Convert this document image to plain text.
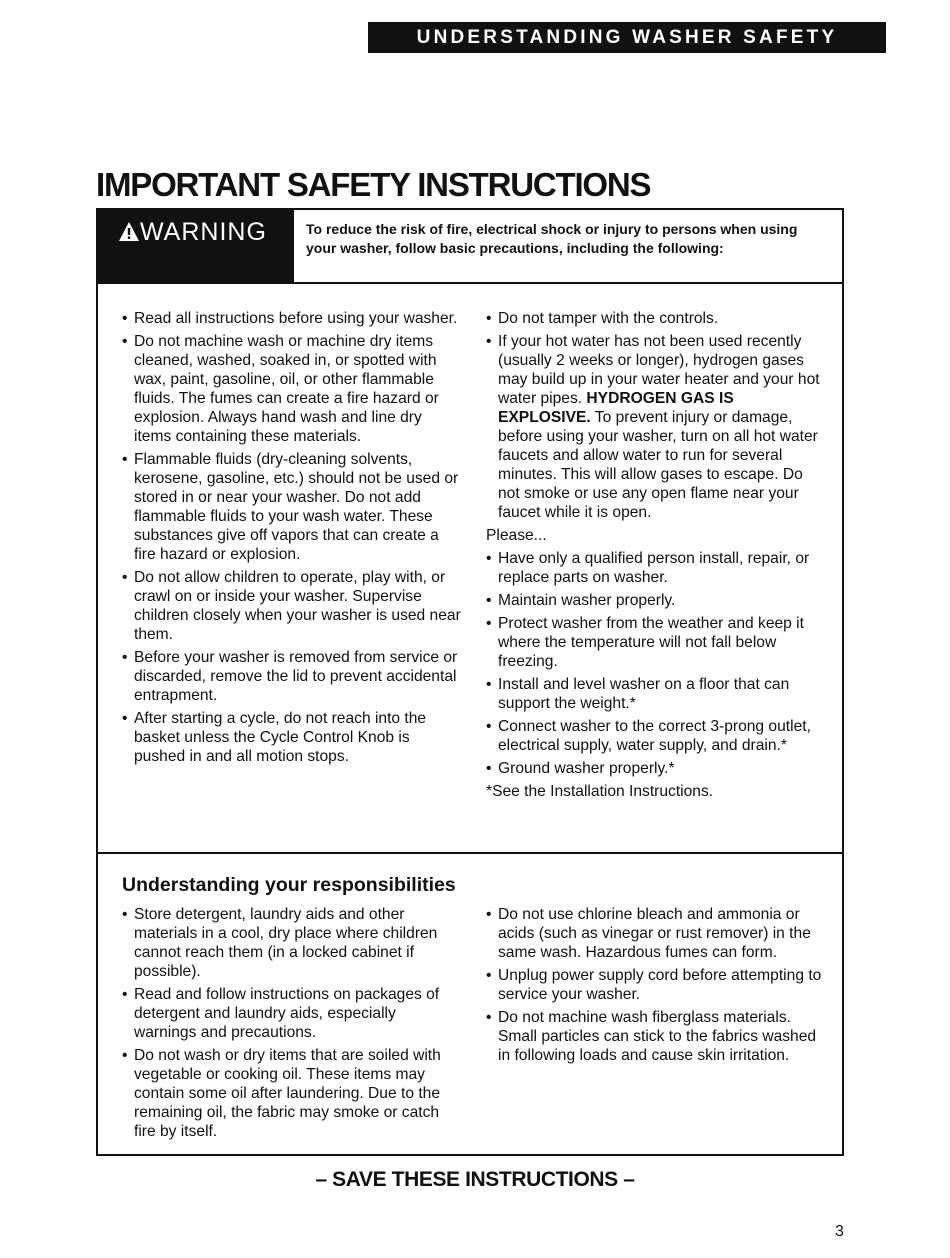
UNDERSTANDING WASHER SAFETY
IMPORTANT SAFETY INSTRUCTIONS
WARNING	To reduce the risk of fire, electrical shock or injury to persons when using your washer, follow basic precautions, including the following:
• Read all instructions before using your washer.
• Do not machine wash or machine dry items cleaned, washed, soaked in, or spotted with wax, paint, gasoline, oil, or other flammable fluids. The fumes can create a fire hazard or explosion. Always hand wash and line dry items containing these materials.
• Flammable fluids (dry-cleaning solvents, kerosene, gasoline, etc.) should not be used or stored in or near your washer. Do not add flammable fluids to your wash water. These substances give off vapors that can create a fire hazard or explosion.
• Do not allow children to operate, play with, or crawl on or inside your washer. Supervise children closely when your washer is used near them.
• Before your washer is removed from service or discarded, remove the lid to prevent accidental entrapment.
• After starting a cycle, do not reach into the basket unless the Cycle Control Knob is pushed in and all motion stops.
• Do not tamper with the controls.
• If your hot water has not been used recently (usually 2 weeks or longer), hydrogen gases may build up in your water heater and your hot water pipes. HYDROGEN GAS IS EXPLOSIVE. To prevent injury or damage, before using your washer, turn on all hot water faucets and allow water to run for several minutes. This will allow gases to escape. Do not smoke or use any open flame near your faucet while it is open.
Please...
• Have only a qualified person install, repair, or replace parts on washer.
• Maintain washer properly.
• Protect washer from the weather and keep it where the temperature will not fall below freezing.
• Install and level washer on a floor that can support the weight.*
• Connect washer to the correct 3-prong outlet, electrical supply, water supply, and drain.*
• Ground washer properly.*
*See the Installation Instructions.
Understanding your responsibilities
• Store detergent, laundry aids and other materials in a cool, dry place where children cannot reach them (in a locked cabinet if possible).
• Read and follow instructions on packages of detergent and laundry aids, especially warnings and precautions.
• Do not wash or dry items that are soiled with vegetable or cooking oil. These items may contain some oil after laundering. Due to the remaining oil, the fabric may smoke or catch fire by itself.
• Do not use chlorine bleach and ammonia or acids (such as vinegar or rust remover) in the same wash. Hazardous fumes can form.
• Unplug power supply cord before attempting to service your washer.
• Do not machine wash fiberglass materials. Small particles can stick to the fabrics washed in following loads and cause skin irritation.
– SAVE THESE INSTRUCTIONS –
3
